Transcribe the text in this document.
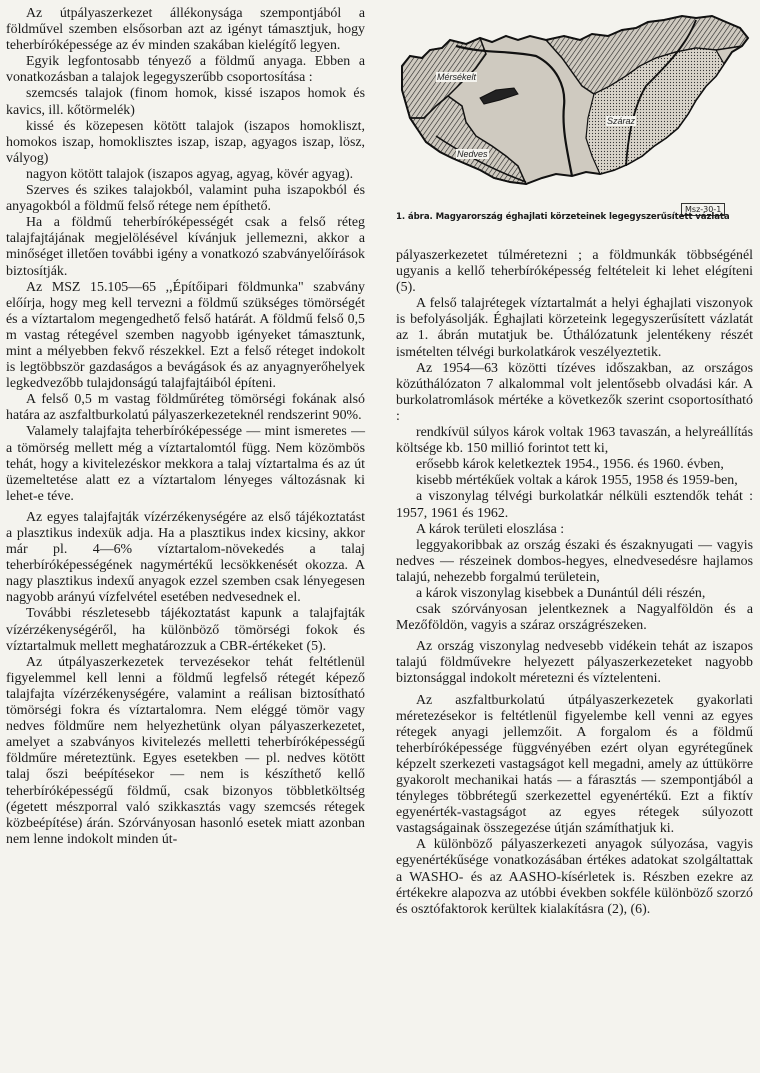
Az útpályaszerkezet állékonysága szempontjából a földművel szemben elsősorban azt az igényt támasztjuk, hogy teherbíróképessége az év minden szakában kielégítő legyen.

Egyik legfontosabb tényező a földmű anyaga. Ebben a vonatkozásban a talajok legegyszerűbb csoportosítása :

szemcsés talajok (finom homok, kissé iszapos homok és kavics, ill. kőtörmelék)

kissé és közepesen kötött talajok (iszapos homokliszt, homokos iszap, homoklisztes iszap, iszap, agyagos iszap, lösz, vályog)

nagyon kötött talajok (iszapos agyag, agyag, kövér agyag).

Szerves és szikes talajokból, valamint puha iszapokból és anyagokból a földmű felső rétege nem építhető.

Ha a földmű teherbíróképességét csak a felső réteg talajfajtájának megjelölésével kívánjuk jellemezni, akkor a minőséget illetően további igény a vonatkozó szabványelőírások biztosítják.

Az MSZ 15.105—65 ,,Építőipari földmunka" szabvány előírja, hogy meg kell tervezni a földmű szükséges tömörségét és a víztartalom megengedhető felső határát. A földmű felső 0,5 m vastag rétegével szemben nagyobb igényeket támasztunk, mint a mélyebben fekvő részekkel. Ezt a felső réteget indokolt is legtöbbször gazdaságos a bevágások és az anyagnyerőhelyek legkedvezőbb tulajdonságú talajfajtáiból építeni.

A felső 0,5 m vastag földműréteg tömörségi fokának alsó határa az aszfaltburkolatú pályaszerkezeteknél rendszerint 90%.

Valamely talajfajta teherbíróképessége — mint ismeretes — a tömörség mellett még a víztartalomtól függ. Nem közömbös tehát, hogy a kivitelezéskor mekkora a talaj víztartalma és az út üzemeltetése alatt ez a víztartalom lényeges változásnak ki lehet-e téve.

Az egyes talajfajták vízérzékenységére az első tájékoztatást a plasztikus indexük adja. Ha a plasztikus index kicsiny, akkor már pl. 4—6% víztartalom-növekedés a talaj teherbíróképességének nagymértékű lecsökkenését okozza. A nagy plasztikus indexű anyagok ezzel szemben csak lényegesen nagyobb arányú vízfelvétel esetében nedvesednek el.

További részletesebb tájékoztatást kapunk a talajfajták vízérzékenységéről, ha különböző tömörségi fokok és víztartalmuk mellett meghatározzuk a CBR-értékeket (5).

Az útpályaszerkezetek tervezésekor tehát feltétlenül figyelemmel kell lenni a földmű legfelső rétegét képező talajfajta vízérzékenységére, valamint a reálisan biztosítható tömörségi fokra és víztartalomra. Nem eléggé tömör vagy nedves földműre nem helyezhetünk olyan pályaszerkezetet, amelyet a szabványos kivitelezés melletti teherbíróképességű földműre méreteztünk. Egyes esetekben — pl. nedves kötött talaj őszi beépítésekor — nem is készíthető kellő teherbíróképességű földmű, csak bizonyos többletköltség (égetett mészporral való szikkasztás vagy szemcsés rétegek közbeépítése) árán. Szórványosan hasonló esetek miatt azonban nem lenne indokolt minden út-

Mérsékelt
Nedves
Száraz
Msz-30-1
1. ábra. Magyarország éghajlati körzeteinek legegyszerűsített vázlata

pályaszerkezetet túlméretezni ; a földmunkák többségénél ugyanis a kellő teherbíróképesség feltételeit ki lehet elégíteni (5).

A felső talajrétegek víztartalmát a helyi éghajlati viszonyok is befolyásolják. Éghajlati körzeteink legegyszerűsített vázlatát az 1. ábrán mutatjuk be. Úthálózatunk jelentékeny részét ismételten télvégi burkolatkárok veszélyeztetik.

Az 1954—63 közötti tízéves időszakban, az országos közúthálózaton 7 alkalommal volt jelentősebb olvadási kár. A burkolatromlások mértéke a következők szerint csoportosítható :

rendkívül súlyos károk voltak 1963 tavaszán, a helyreállítás költsége kb. 150 millió forintot tett ki,

erősebb károk keletkeztek 1954., 1956. és 1960. évben,

kisebb mértékűek voltak a károk 1955, 1958 és 1959-ben,

a viszonylag télvégi burkolatkár nélküli esztendők tehát : 1957, 1961 és 1962.

A károk területi eloszlása :

leggyakoribbak az ország északi és északnyugati — vagyis nedves — részeinek dombos-hegyes, elnedvesedésre hajlamos talajú, nehezebb forgalmú területein,

a károk viszonylag kisebbek a Dunántúl déli részén,

csak szórványosan jelentkeznek a Nagyalföldön és a Mezőföldön, vagyis a száraz országrészeken.

Az ország viszonylag nedvesebb vidékein tehát az iszapos talajú földművekre helyezett pályaszerkezeteket nagyobb biztonsággal indokolt méretezni és víztelenteni.

Az aszfaltburkolatú útpályaszerkezetek gyakorlati méretezésekor is feltétlenül figyelembe kell venni az egyes rétegek anyagi jellemzőit. A forgalom és a földmű teherbíróképessége függvényében ezért olyan egyrétegűnek képzelt szerkezeti vastagságot kell megadni, amely az úttükörre gyakorolt mechanikai hatás — a fárasztás — szempontjából a tényleges többrétegű szerkezettel egyenértékű. Ezt a fiktív egyenérték-vastagságot az egyes rétegek súlyozott vastagságainak összegezése útján számíthatjuk ki.

A különböző pályaszerkezeti anyagok súlyozása, vagyis egyenértékűsége vonatkozásában értékes adatokat szolgáltattak a WASHO- és az AASHO-kísérletek is. Részben ezekre az értékekre alapozva az utóbbi években sokféle különböző szorzó és osztófaktorok kerültek kialakításra (2), (6).
